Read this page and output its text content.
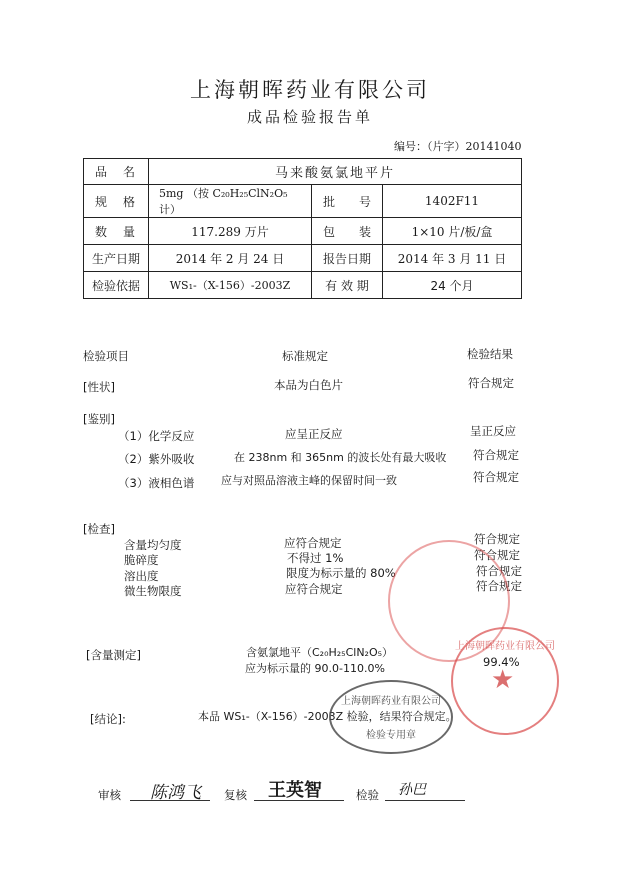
上海朝晖药业有限公司
成品检验报告单
编号：（片字）20141040
品　名	马来酸氨氯地平片		
规　格	5mg （按 C₂₀H₂₅ClN₂O₅ 计）	批　　号	1402F11
数　量	117.289 万片	包　　装	1×10 片/板/盒
生产日期	2014 年 2 月 24 日	报告日期	2014 年 3 月 11 日
检验依据	WS₁-（X-156）-2003Z	有 效 期	24 个月
检验项目	标准规定	检验结果
[性状]	本品为白色片	符合规定
[鉴别]
（1）化学反应	应呈正反应	呈正反应
（2）紫外吸收	在 238nm 和 365nm 的波长处有最大吸收 符合规定
（3）液相色谱 应与对照品溶液主峰的保留时间一致	符合规定
[检查]
含量均匀度	应符合规定	符合规定
脆碎度	不得过 1%	符合规定
溶出度	限度为标示量的 80%	符合规定
微生物限度	应符合规定	符合规定
[含量测定]	含氨氯地平（C₂₀H₂₅ClN₂O₅）
应为标示量的 90.0-110.0%	99.4%
[结论]:	本品 WS₁-（X-156）-2003Z 检验，结果符合规定。
上海朝晖药业有限公司
★
上海朝晖药业有限公司
检验专用章
审核 陈鸿飞 复核 王英智	检验 孙巴
